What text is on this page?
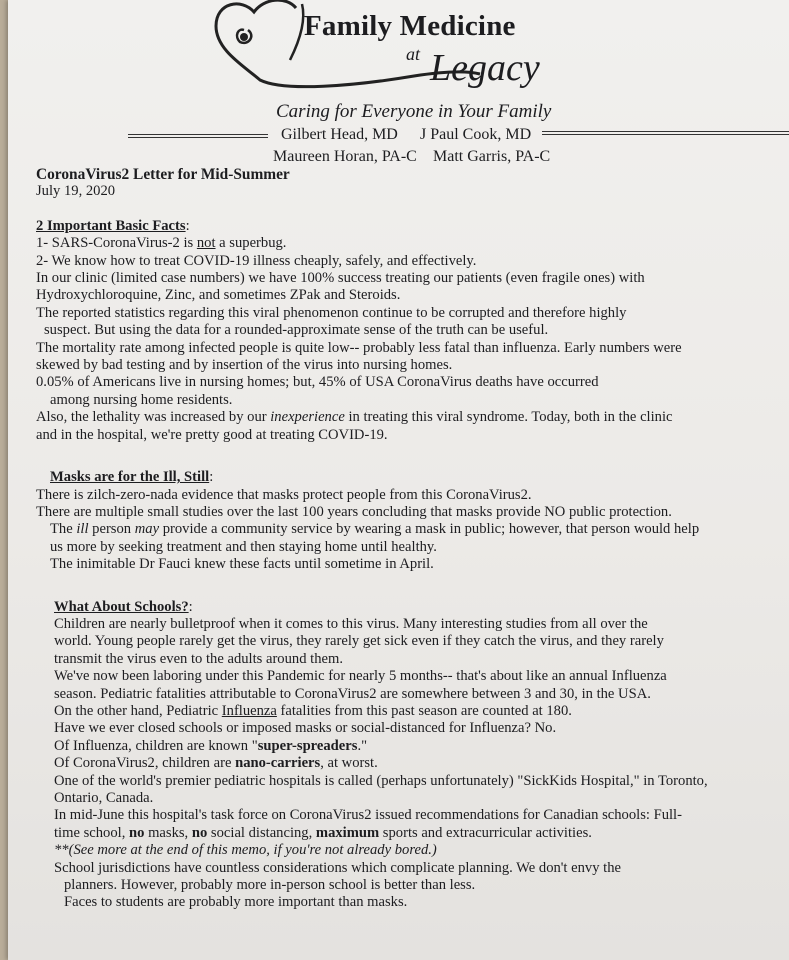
Family Medicine
at Legacy
Caring for Everyone in Your Family
Gilbert Head, MD J Paul Cook, MD
Maureen Horan, PA-C Matt Garris, PA-C
CoronaVirus2 Letter for Mid-Summer
July 19, 2020
2 Important Basic Facts:
1- SARS-CoronaVirus-2 is not a superbug.
2- We know how to treat COVID-19 illness cheaply, safely, and effectively.
In our clinic (limited case numbers) we have 100% success treating our patients (even fragile ones) with
Hydroxychloroquine, Zinc, and sometimes ZPak and Steroids.
The reported statistics regarding this viral phenomenon continue to be corrupted and therefore highly
suspect. But using the data for a rounded-approximate sense of the truth can be useful.
The mortality rate among infected people is quite low-- probably less fatal than influenza. Early numbers were
skewed by bad testing and by insertion of the virus into nursing homes.
0.05% of Americans live in nursing homes; but, 45% of USA CoronaVirus deaths have occurred
among nursing home residents.
Also, the lethality was increased by our inexperience in treating this viral syndrome. Today, both in the clinic
and in the hospital, we're pretty good at treating COVID-19.
Masks are for the Ill, Still:
There is zilch-zero-nada evidence that masks protect people from this CoronaVirus2.
There are multiple small studies over the last 100 years concluding that masks provide NO public protection.
The ill person may provide a community service by wearing a mask in public; however, that person would help
us more by seeking treatment and then staying home until healthy.
The inimitable Dr Fauci knew these facts until sometime in April.
What About Schools?:
Children are nearly bulletproof when it comes to this virus. Many interesting studies from all over the
world. Young people rarely get the virus, they rarely get sick even if they catch the virus, and they rarely
transmit the virus even to the adults around them.
We've now been laboring under this Pandemic for nearly 5 months-- that's about like an annual Influenza
season. Pediatric fatalities attributable to CoronaVirus2 are somewhere between 3 and 30, in the USA.
On the other hand, Pediatric Influenza fatalities from this past season are counted at 180.
Have we ever closed schools or imposed masks or social-distanced for Influenza? No.
Of Influenza, children are known "super-spreaders."
Of CoronaVirus2, children are nano-carriers, at worst.
One of the world's premier pediatric hospitals is called (perhaps unfortunately) "SickKids Hospital," in Toronto,
Ontario, Canada.
In mid-June this hospital's task force on CoronaVirus2 issued recommendations for Canadian schools: Full-
time school, no masks, no social distancing, maximum sports and extracurricular activities.
**(See more at the end of this memo, if you're not already bored.)
School jurisdictions have countless considerations which complicate planning. We don't envy the
planners. However, probably more in-person school is better than less.
Faces to students are probably more important than masks.
